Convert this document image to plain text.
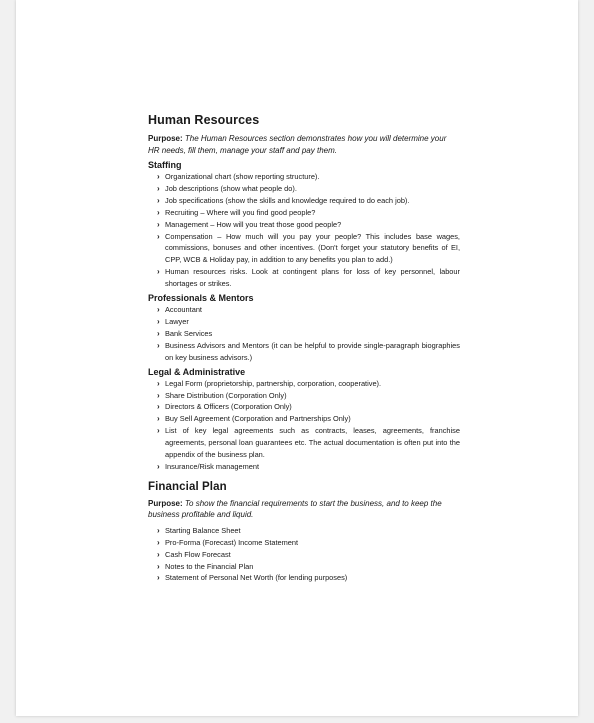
Human Resources

Purpose: The Human Resources section demonstrates how you will determine your HR needs, fill them, manage your staff and pay them.

Staffing
› Organizational chart (show reporting structure).
› Job descriptions (show what people do).
› Job specifications (show the skills and knowledge required to do each job).
› Recruiting – Where will you find good people?
› Management – How will you treat those good people?
› Compensation – How much will you pay your people? This includes base wages, commissions, bonuses and other incentives. (Don't forget your statutory benefits of EI, CPP, WCB & Holiday pay, in addition to any benefits you plan to add.)
› Human resources risks. Look at contingent plans for loss of key personnel, labour shortages or strikes.
Professionals & Mentors
› Accountant
› Lawyer
› Bank Services
› Business Advisors and Mentors (it can be helpful to provide single-paragraph biographies on key business advisors.)
Legal & Administrative
› Legal Form (proprietorship, partnership, corporation, cooperative).
› Share Distribution (Corporation Only)
› Directors & Officers (Corporation Only)
› Buy Sell Agreement (Corporation and Partnerships Only)
› List of key legal agreements such as contracts, leases, agreements, franchise agreements, personal loan guarantees etc. The actual documentation is often put into the appendix of the business plan.
› Insurance/Risk management
Financial Plan

Purpose: To show the financial requirements to start the business, and to keep the business profitable and liquid.

› Starting Balance Sheet
› Pro-Forma (Forecast) Income Statement
› Cash Flow Forecast
› Notes to the Financial Plan
› Statement of Personal Net Worth (for lending purposes)
